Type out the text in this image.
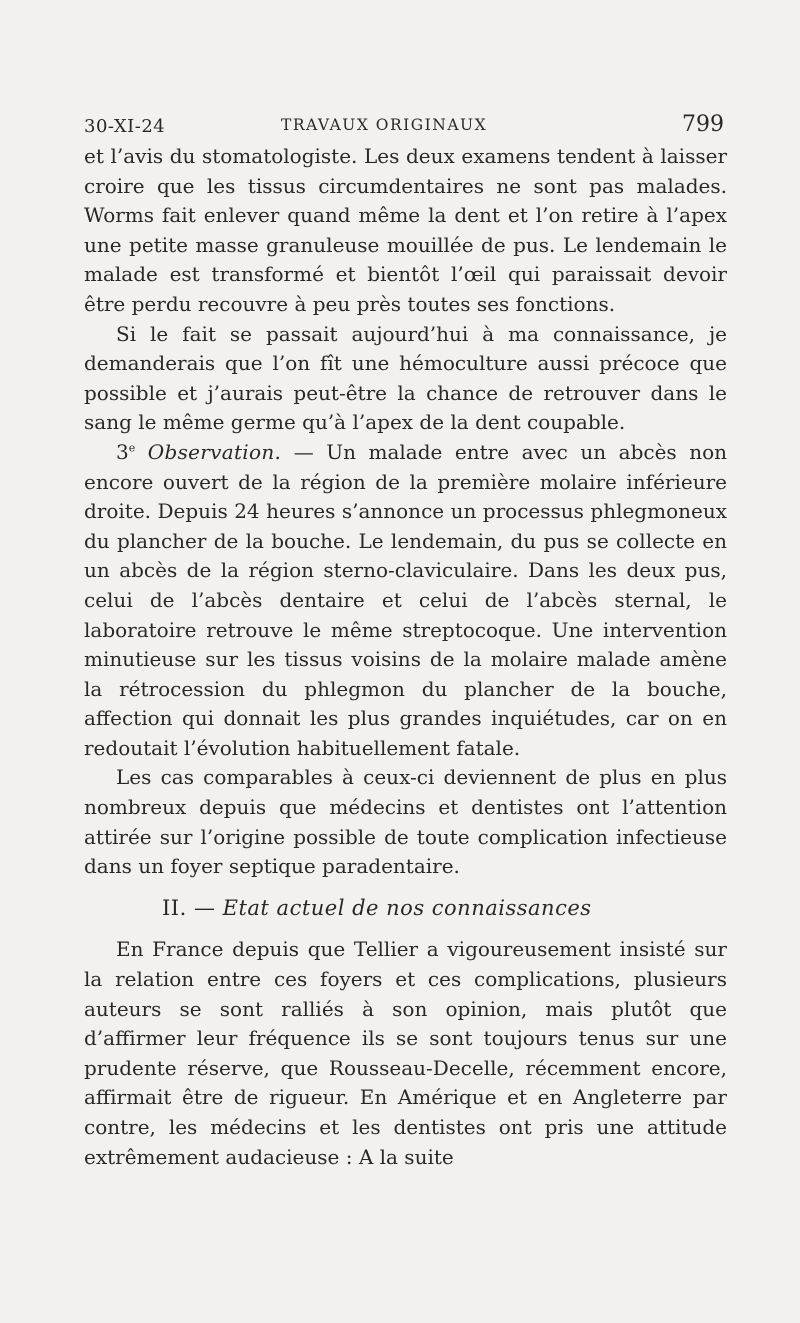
30-XI-24	TRAVAUX ORIGINAUX	799

et l’avis du stomatologiste. Les deux examens tendent à laisser croire que les tissus circumdentaires ne sont pas malades. Worms fait enlever quand même la dent et l’on retire à l’apex une petite masse granuleuse mouillée de pus. Le lendemain le malade est transformé et bientôt l’œil qui paraissait devoir être perdu recouvre à peu près toutes ses fonctions.

Si le fait se passait aujourd’hui à ma connaissance, je demanderais que l’on fît une hémoculture aussi précoce que possible et j’aurais peut-être la chance de retrouver dans le sang le même germe qu’à l’apex de la dent coupable.

3e Observation. — Un malade entre avec un abcès non encore ouvert de la région de la première molaire inférieure droite. Depuis 24 heures s’annonce un processus phlegmoneux du plancher de la bouche. Le lendemain, du pus se collecte en un abcès de la région sterno-claviculaire. Dans les deux pus, celui de l’abcès dentaire et celui de l’abcès sternal, le laboratoire retrouve le même streptocoque. Une intervention minutieuse sur les tissus voisins de la molaire malade amène la rétrocession du phlegmon du plancher de la bouche, affection qui donnait les plus grandes inquiétudes, car on en redoutait l’évolution habituellement fatale.

Les cas comparables à ceux-ci deviennent de plus en plus nombreux depuis que médecins et dentistes ont l’attention attirée sur l’origine possible de toute complication infectieuse dans un foyer septique paradentaire.

II. — Etat actuel de nos connaissances

En France depuis que Tellier a vigoureusement insisté sur la relation entre ces foyers et ces complications, plusieurs auteurs se sont ralliés à son opinion, mais plutôt que d’affirmer leur fréquence ils se sont toujours tenus sur une prudente réserve, que Rousseau-Decelle, récemment encore, affirmait être de rigueur. En Amérique et en Angleterre par contre, les médecins et les dentistes ont pris une attitude extrêmement audacieuse : A la suite
